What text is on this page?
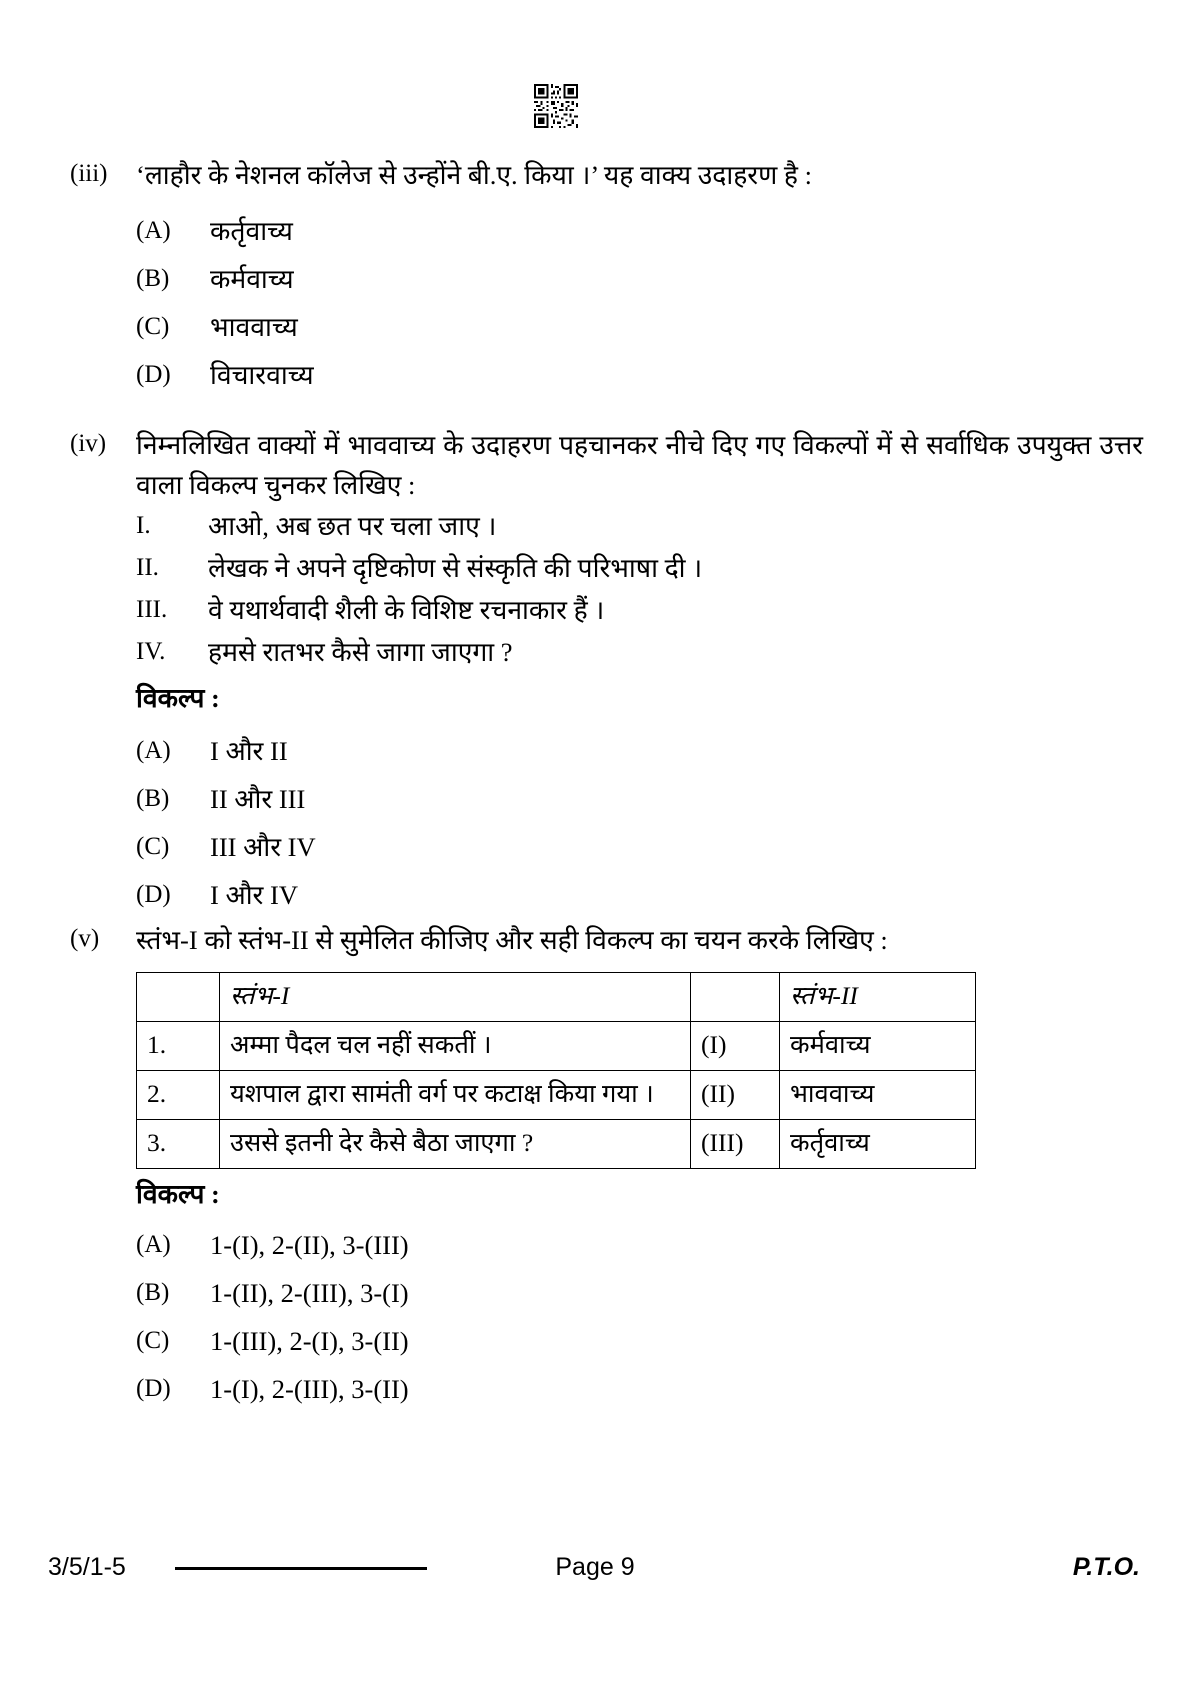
(iii)	‘लाहौर के नेशनल कॉलेज से उन्होंने बी.ए. किया ।’ यह वाक्य उदाहरण है :
(A)	कर्तृवाच्य
(B)	कर्मवाच्य
(C)	भाववाच्य
(D)	विचारवाच्य
(iv)	निम्नलिखित वाक्यों में भाववाच्य के उदाहरण पहचानकर नीचे दिए गए विकल्पों में से सर्वाधिक उपयुक्त उत्तर वाला विकल्प चुनकर लिखिए :
I.	आओ, अब छत पर चला जाए ।
II.	लेखक ने अपने दृष्टिकोण से संस्कृति की परिभाषा दी ।
III.	वे यथार्थवादी शैली के विशिष्ट रचनाकार हैं ।
IV.	हमसे रातभर कैसे जागा जाएगा ?
विकल्प :
(A)	I और II
(B)	II और III
(C)	III और IV
(D)	I और IV
(v)	स्तंभ-I को स्तंभ-II से सुमेलित कीजिए और सही विकल्प का चयन करके लिखिए :
	स्तंभ-I		स्तंभ-II
1.	अम्मा पैदल चल नहीं सकतीं ।	(I)	कर्मवाच्य
2.	यशपाल द्वारा सामंती वर्ग पर कटाक्ष किया गया ।	(II)	भाववाच्य
3.	उससे इतनी देर कैसे बैठा जाएगा ?	(III)	कर्तृवाच्य
विकल्प :
(A)	1-(I), 2-(II), 3-(III)
(B)	1-(II), 2-(III), 3-(I)
(C)	1-(III), 2-(I), 3-(II)
(D)	1-(I), 2-(III), 3-(II)
3/5/1-5	Page 9	P.T.O.
